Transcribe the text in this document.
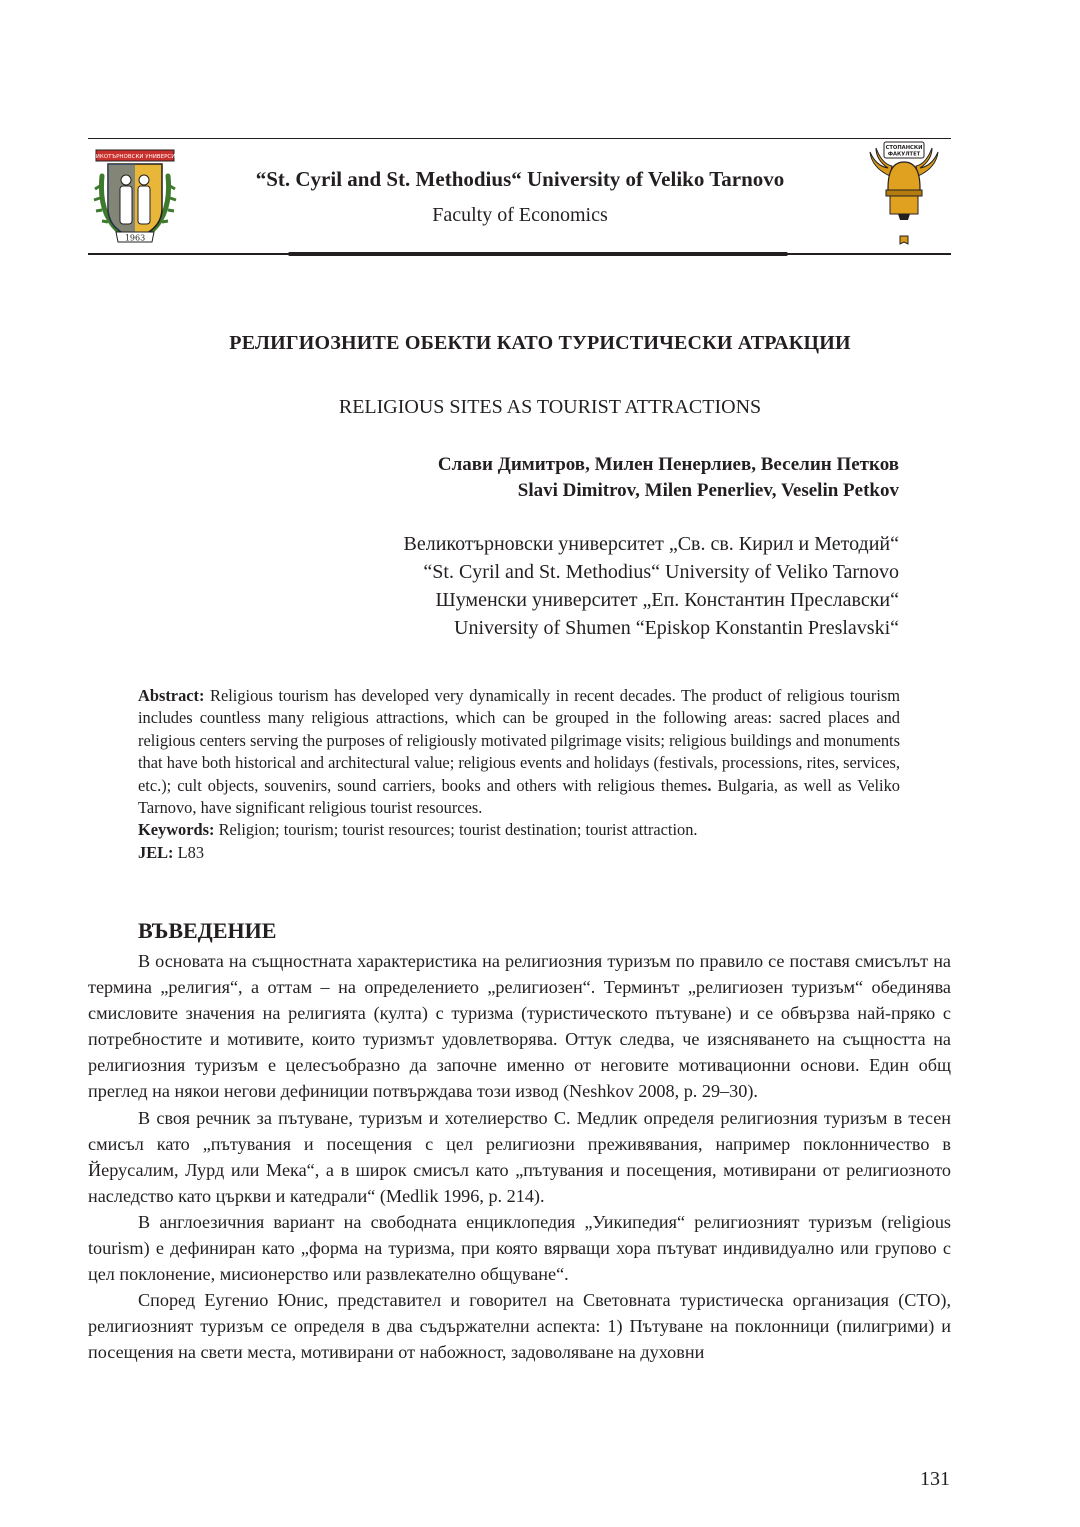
ВЕЛИКОТЪРНОВСКИ УНИВЕРСИТЕТ
1963
“St. Cyril and St. Methodius“ University of Veliko Tarnovo
Faculty of Economics
СТОПАНСКИ
ФАКУЛТЕТ
РЕЛИГИОЗНИТЕ ОБЕКТИ КАТО ТУРИСТИЧЕСКИ АТРАКЦИИ
RELIGIOUS SITES AS TOURIST ATTRACTIONS
Слави Димитров, Милен Пенерлиев, Веселин Петков
Slavi Dimitrov, Milen Penerliev, Veselin Petkov
Великотърновски университет „Св. св. Кирил и Методий“
“St. Cyril and St. Methodius“ University of Veliko Tarnovo
Шуменски университет „Еп. Константин Преславски“
University of Shumen “Episkop Konstantin Preslavski“

Abstract: Religious tourism has developed very dynamically in recent decades. The product of religious tourism includes countless many religious attractions, which can be grouped in the following areas: sacred places and religious centers serving the purposes of religiously motivated pilgrimage visits; religious buildings and monuments that have both historical and architectural value; religious events and holidays (festivals, processions, rites, services, etc.); cult objects, souvenirs, sound carriers, books and others with religious themes. Bulgaria, as well as Veliko Tarnovo, have significant religious tourist resources.

Keywords: Religion; tourism; tourist resources; tourist destination; tourist attraction.

JEL: L83

ВЪВЕДЕНИЕ

В основата на същностната характеристика на религиозния туризъм по правило се поставя смисълът на термина „религия“, а оттам – на определението „религиозен“. Терминът „религиозен туризъм“ обединява смисловите значения на религията (култа) с туризма (туристическото пътуване) и се обвързва най-пряко с потребностите и мотивите, които туризмът удовлетворява. Оттук следва, че изясняването на същността на религиозния туризъм е целесъобразно да започне именно от неговите мотивационни основи. Един общ преглед на някои негови дефиниции потвърждава този извод (Neshkov 2008, p. 29–30).

В своя речник за пътуване, туризъм и хотелиерство С. Медлик определя религиозния туризъм в тесен смисъл като „пътувания и посещения с цел религиозни преживявания, например поклонничество в Йерусалим, Лурд или Мека“, а в широк смисъл като „пътувания и посещения, мотивирани от религиозното наследство като църкви и катедрали“ (Medlik 1996, p. 214).

В англоезичния вариант на свободната енциклопедия „Уикипедия“ религиозният туризъм (religious tourism) е дефиниран като „форма на туризма, при която вярващи хора пътуват индивидуално или групово с цел поклонение, мисионерство или развлекателно общуване“.

Според Еугенио Юнис, представител и говорител на Световната туристическа организация (СТО), религиозният туризъм се определя в два съдържателни аспекта: 1) Пътуване на поклонници (пилигрими) и посещения на свети места, мотивирани от набожност, задоволяване на духовни

131
